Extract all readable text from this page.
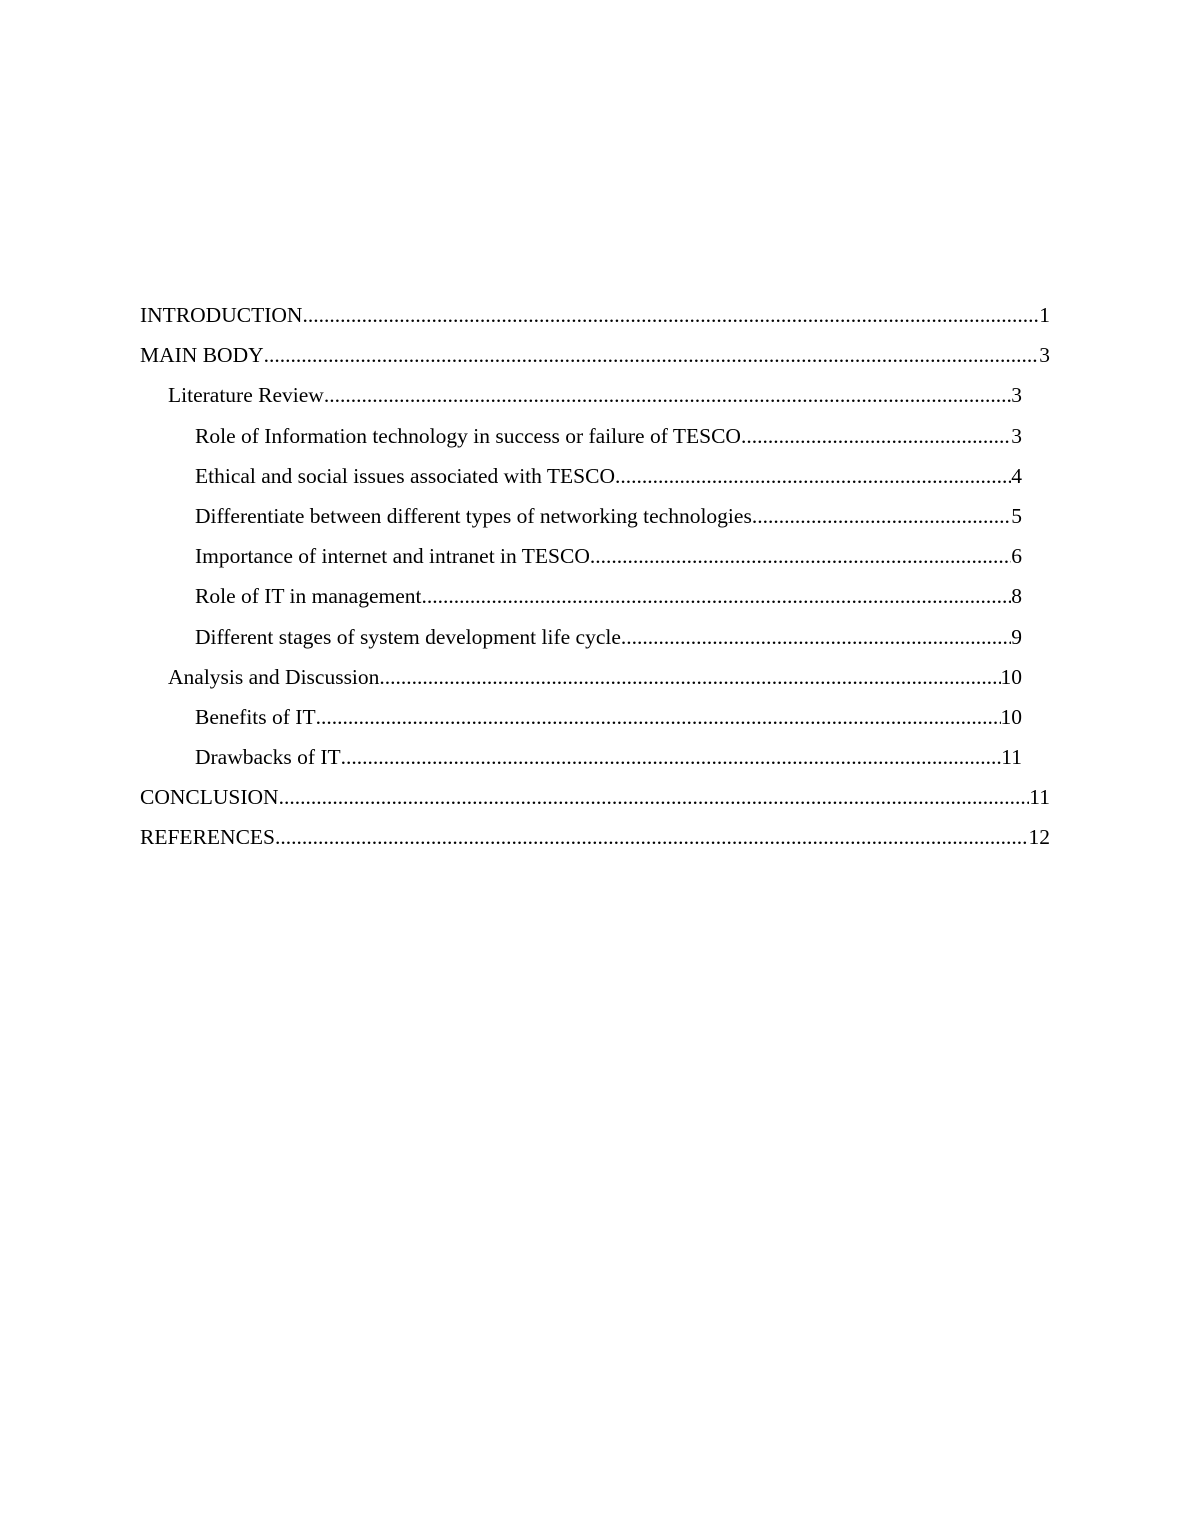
INTRODUCTION .....	1
MAIN BODY .....	3
Literature Review .....	3
Role of Information technology in success or failure of TESCO .....	3
Ethical and social issues associated with TESCO .....	4
Differentiate between different types of networking technologies .....	5
Importance of internet and intranet in TESCO .....	6
Role of IT in management .....	8
Different stages of system development life cycle .....	9
Analysis and Discussion .....	10
Benefits of IT .....	10
Drawbacks of IT .....	11
CONCLUSION .....	11
REFERENCES .....	12
